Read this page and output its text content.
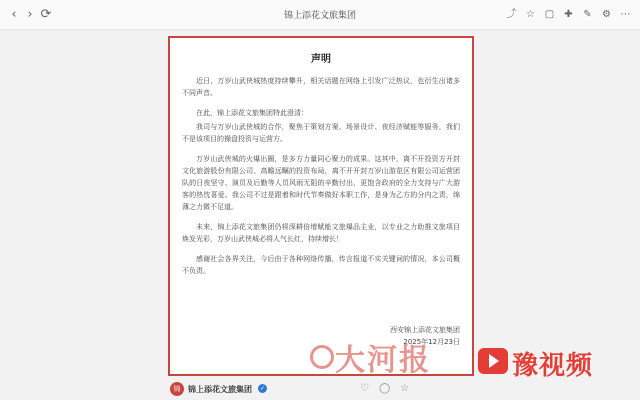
‹ › ⟳	锦上添花文旅集团	⤴ ☆ ▢ ✚ ✎ ⚙ ⋯
声明

近日，万岁山武侠城热度持续攀升，相关话题在网络上引发广泛热议，也衍生出诸多不同声音。

在此，锦上添花文旅集团特此澄清：

我司与万岁山武侠城的合作，聚焦于策划方案、场景设计、夜经济赋能等服务，我们不是该项目的操盘投资与运营方。

万岁山武侠城的火爆出圈，是多方力量同心聚力的成果。这其中，离不开投资方开封文化旅游股份有限公司、高瞻远瞩的投资布局，离不开开封万岁山游览区有限公司运营团队的日夜坚守、演员及后勤等人员风雨无阻的辛勤付出，更饱含政府的全力支持与广大游客的热忱喜爱。我公司不过是跟着和时代节奏做好本职工作，是身为乙方的分内之责，绵薄之力微不足道。

未来，锦上添花文旅集团仍将深耕倍增赋能文旅爆品主业，以专业之力助推文旅项目焕发光彩，万岁山武侠城必将人气长红，持续增长！

感谢社会各界关注，今后由于各种网络传播，传言报道不实关键词的情况，本公司概不负责。

西安锦上添花文旅集团
2025年12月23日
锦 锦上添花文旅集团	✓	♡ ◯ ☆
大河报	豫视频
